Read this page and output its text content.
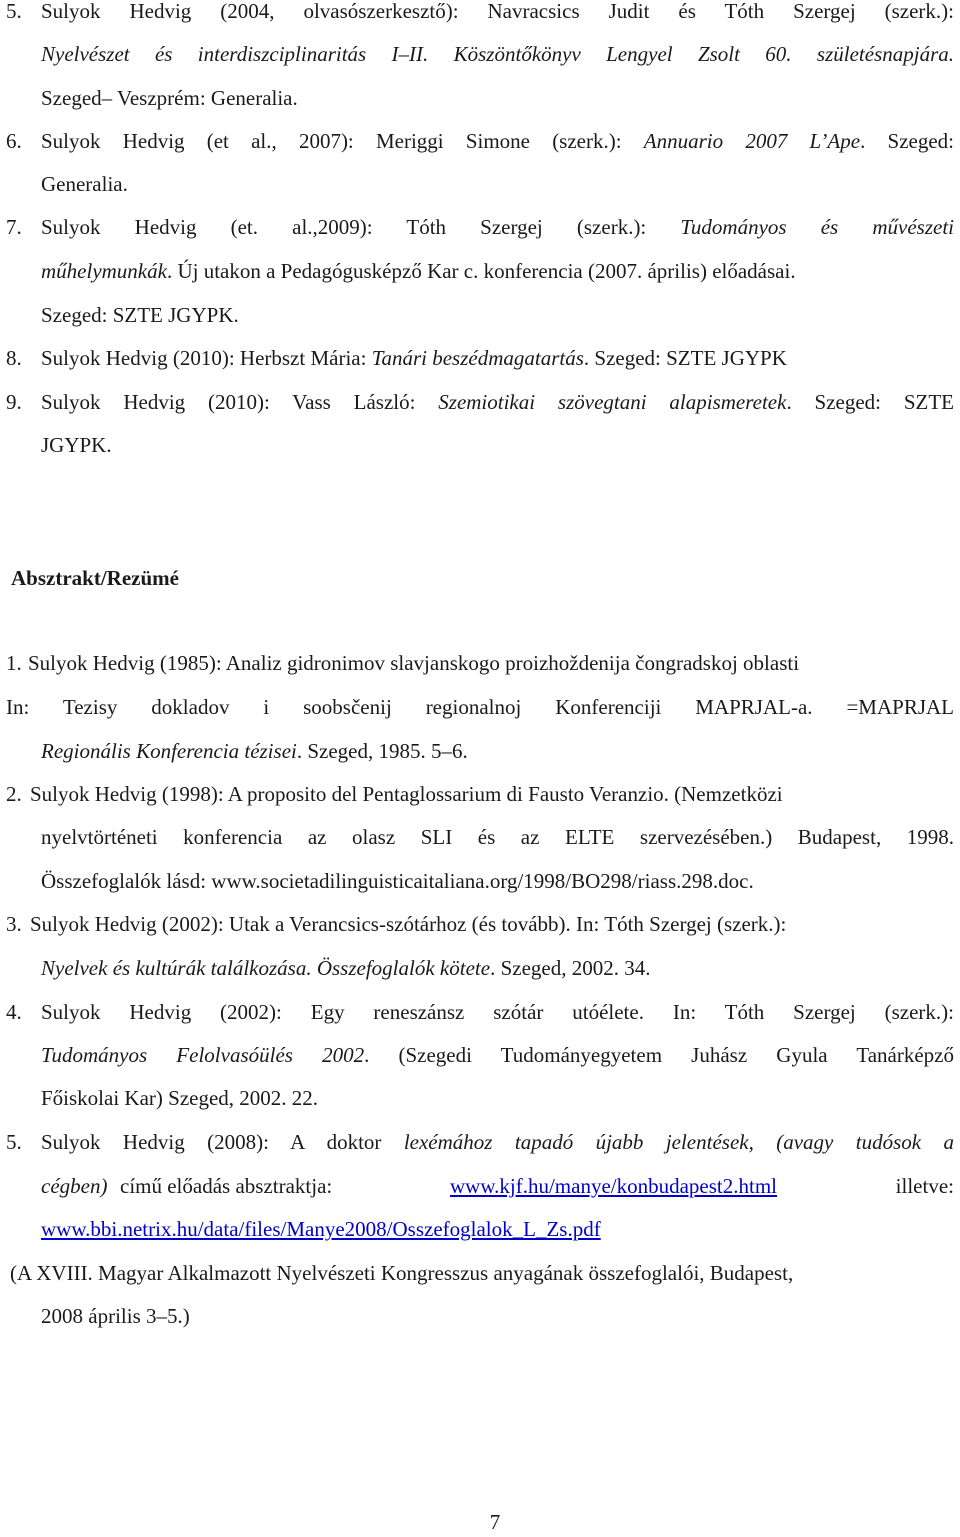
5. Sulyok Hedvig (2004, olvasószerkesztő): Navracsics Judit és Tóth Szergej (szerk.):
Nyelvészet és interdiszciplinaritás I–II. Köszöntőkönyv Lengyel Zsolt 60. születésnapjára.
Szeged– Veszprém: Generalia.
6. Sulyok Hedvig (et al., 2007): Meriggi Simone (szerk.): Annuario 2007 L’Ape. Szeged:
Generalia.
7. Sulyok Hedvig (et. al.,2009): Tóth Szergej (szerk.): Tudományos és művészeti
műhelymunkák. Új utakon a Pedagógusképző Kar c. konferencia (2007. április) előadásai.
Szeged: SZTE JGYPK.
8. Sulyok Hedvig (2010): Herbszt Mária: Tanári beszédmagatartás. Szeged: SZTE JGYPK
9. Sulyok Hedvig (2010): Vass László: Szemiotikai szövegtani alapismeretek. Szeged: SZTE
JGYPK.
Absztrakt/Rezümé
1. Sulyok Hedvig (1985): Analiz gidronimov slavjanskogo proizhoždenija čongradskoj oblasti
In: Tezisy dokladov i soobsčenij regionalnoj Konferenciji MAPRJAL-a. =MAPRJAL
Regionális Konferencia tézisei. Szeged, 1985. 5–6.
2. Sulyok Hedvig (1998): A proposito del Pentaglossarium di Fausto Veranzio. (Nemzetközi
nyelvtörténeti konferencia az olasz SLI és az ELTE szervezésében.) Budapest, 1998.
Összefoglalók lásd: www.societadilinguisticaitaliana.org/1998/BO298/riass.298.doc.
3. Sulyok Hedvig (2002): Utak a Verancsics-szótárhoz (és tovább). In: Tóth Szergej (szerk.):
Nyelvek és kultúrák találkozása. Összefoglalók kötete. Szeged, 2002. 34.
4. Sulyok Hedvig (2002): Egy reneszánsz szótár utóélete. In: Tóth Szergej (szerk.):
Tudományos Felolvasóülés 2002. (Szegedi Tudományegyetem Juhász Gyula Tanárképző
Főiskolai Kar) Szeged, 2002. 22.
5. Sulyok Hedvig (2008): A doktor lexémához tapadó újabb jelentések, (avagy tudósok a
cégben) című előadás absztraktja:	www.kjf.hu/manye/konbudapest2.html	illetve:
www.bbi.netrix.hu/data/files/Manye2008/Osszefoglalok_L_Zs.pdf
(A XVIII. Magyar Alkalmazott Nyelvészeti Kongresszus anyagának összefoglalói, Budapest,
2008 április 3–5.)
7
